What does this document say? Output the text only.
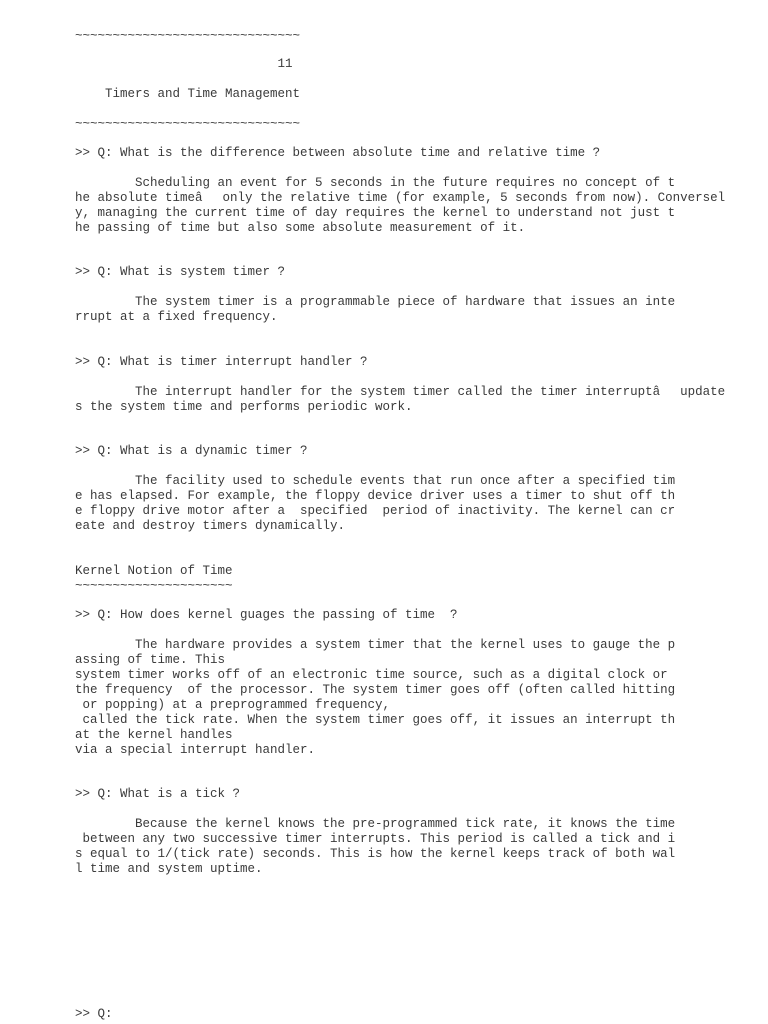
~~~~~~~~~~~~~~~~~~~~~~~~~~~~~~

11

Timers and Time Management

~~~~~~~~~~~~~~~~~~~~~~~~~~~~~~

>> Q: What is the difference between absolute time and relative time ?

Scheduling an event for 5 seconds in the future requires no concept of t

he absolute timeâonly the relative time (for example, 5 seconds from now). Conversel

y, managing the current time of day requires the kernel to understand not just t

he passing of time but also some absolute measurement of it.

>> Q: What is system timer ?

The system timer is a programmable piece of hardware that issues an inte

rrupt at a fixed frequency.

>> Q: What is timer interrupt handler ?

The interrupt handler for the system timer called the timer interruptâupdate

s the system time and performs periodic work.

>> Q: What is a dynamic timer ?

The facility used to schedule events that run once after a specified tim

e has elapsed. For example, the floppy device driver uses a timer to shut off th

e floppy drive motor after a  specified  period of inactivity. The kernel can cr

eate and destroy timers dynamically.

Kernel Notion of Time

~~~~~~~~~~~~~~~~~~~~~

>> Q: How does kernel guages the passing of time  ?

The hardware provides a system timer that the kernel uses to gauge the p

assing of time. This

system timer works off of an electronic time source, such as a digital clock or

the frequency  of the processor. The system timer goes off (often called hitting

or popping) at a preprogrammed frequency,

called the tick rate. When the system timer goes off, it issues an interrupt th

at the kernel handles

via a special interrupt handler.

>> Q: What is a tick ?

Because the kernel knows the pre-programmed tick rate, it knows the time

between any two successive timer interrupts. This period is called a tick and i

s equal to 1/(tick rate) seconds. This is how the kernel keeps track of both wal

l time and system uptime.

>> Q:
